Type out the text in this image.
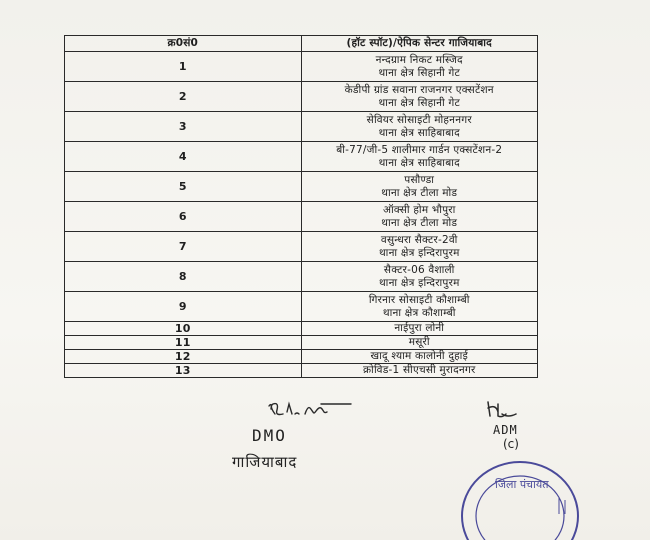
क्र0सं0	(हॉट स्पॉट)/ऐपिक सेन्टर गाजियाबाद
1	नन्दग्राम निकट मस्जिद
थाना क्षेत्र सिहानी गेट

2	केडीपी ग्रांड सवाना राजनगर एक्सटेंशन
थाना क्षेत्र सिहानी गेट

3	सेवियर सोसाइटी मोहननगर
थाना क्षेत्र साहिबाबाद

4	बी-77/जी-5 शालीमार गार्डन एक्सटेंशन-2
थाना क्षेत्र साहिबाबाद

5	पसौण्डा
थाना क्षेत्र टीला मोड

6	ऑक्सी होम भौपुरा
थाना क्षेत्र टीला मोड

7	वसुन्धरा सैक्टर-2वी
थाना क्षेत्र इन्दिरापुरम

8	सैक्टर-06 वैशाली
थाना क्षेत्र इन्दिरापुरम

9	गिरनार सोसाइटी कौशाम्बी
थाना क्षेत्र कौशाम्बी

10	नाईपुरा लोनी
11	मसूरी
12	खादू श्याम कालोनी दुहाई
13	क्रोविड-1 सीएचसी मुरादनगर
DMO
गाजियाबाद
ADM
(c)
जिला पंचायत
